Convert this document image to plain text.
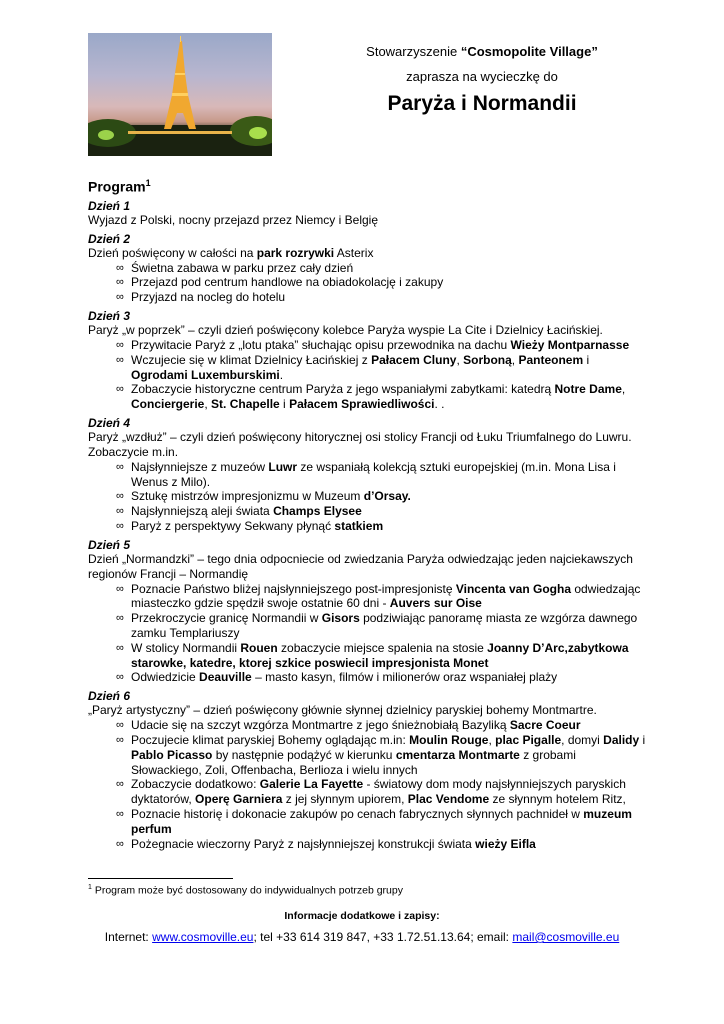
Stowarzyszenie “Cosmopolite Village”
zaprasza na wycieczkę do
Paryża i Normandii
Program$^1$
Dzień 1
Wyjazd z Polski, nocny przejazd przez Niemcy i Belgię
Dzień 2
Dzień poświęcony w całości na park rozrywki Asterix
∞ Świetna zabawa w parku przez cały dzień
∞ Przejazd pod centrum handlowe na obiadokolację i zakupy
∞ Przyjazd na nocleg do hotelu
Dzień 3
Paryż „w poprzek” – czyli dzień poświęcony kolebce Paryża wyspie La Cite i Dzielnicy Łacińskiej.
∞ Przywitacie Paryż z „lotu ptaka” słuchając opisu przewodnika na dachu Wieży Montparnasse
∞ Wczujecie się w klimat Dzielnicy Łacińskiej z Pałacem Cluny, Sorboną, Panteonem i Ogrodami Luxemburskimi.
∞ Zobaczycie historyczne centrum Paryża z jego wspaniałymi zabytkami: katedrą Notre Dame, Conciergerie, St. Chapelle i Pałacem Sprawiedliwości. .
Dzień 4
Paryż „wzdłuż” – czyli dzień poświęcony hitorycznej osi stolicy Francji od Łuku Triumfalnego do Luwru. Zobaczycie m.in.
∞ Najsłynniejsze z muzeów Luwr ze wspaniałą kolekcją sztuki europejskiej (m.in. Mona Lisa i Wenus z Milo).
∞ Sztukę mistrzów impresjonizmu w Muzeum d’Orsay.
∞ Najsłynniejszą aleji świata Champs Elysee
∞ Paryż z perspektywy Sekwany płynąć statkiem
Dzień 5
Dzień „Normandzki” – tego dnia odpocniecie od zwiedzania Paryża odwiedzając jeden najciekawszych regionów Francji – Normandię
∞ Poznacie Państwo bliżej najsłynniejszego post-impresjonistę Vincenta van Gogha odwiedzając miasteczko gdzie spędził swoje ostatnie 60 dni - Auvers sur Oise
∞ Przekroczycie granicę Normandii w Gisors podziwiając panoramę miasta ze wzgórza dawnego zamku Templariuszy
∞ W stolicy Normandii Rouen zobaczycie miejsce spalenia na stosie Joanny D’Arc,zabytkowa starowke, katedre, ktorej szkice poswiecil impresjonista Monet
∞ Odwiedzicie Deauville – masto kasyn, filmów i milionerów oraz wspaniałej plaży
Dzień 6
„Paryż artystyczny” – dzień poświęcony głównie słynnej dzielnicy paryskiej bohemy Montmartre.
∞ Udacie się na szczyt wzgórza Montmartre z jego śnieżnobiałą Bazyliką Sacre Coeur
∞ Poczujecie klimat paryskiej Bohemy oglądając m.in: Moulin Rouge, plac Pigalle, domyi Dalidy i Pablo Picasso by następnie podążyć w kierunku cmentarza Montmarte z grobami Słowackiego, Zoli, Offenbacha, Berlioza i wielu innych
∞ Zobaczycie dodatkowo: Galerie La Fayette - światowy dom mody najsłynniejszych paryskich dyktatorów, Operę Garniera z jej słynnym upiorem, Plac Vendome ze słynnym hotelem Ritz,
∞ Poznacie historię i dokonacie zakupów po cenach fabrycznych słynnych pachnideł w muzeum perfum
∞ Pożegnacie wieczorny Paryż z najsłynniejszej konstrukcji świata wieży Eifla
$^1$ Program może być dostosowany do indywidualnych potrzeb grupy
Informacje dodatkowe i zapisy:
Internet: www.cosmoville.eu; tel +33 614 319 847, +33 1.72.51.13.64; email: mail@cosmoville.eu
